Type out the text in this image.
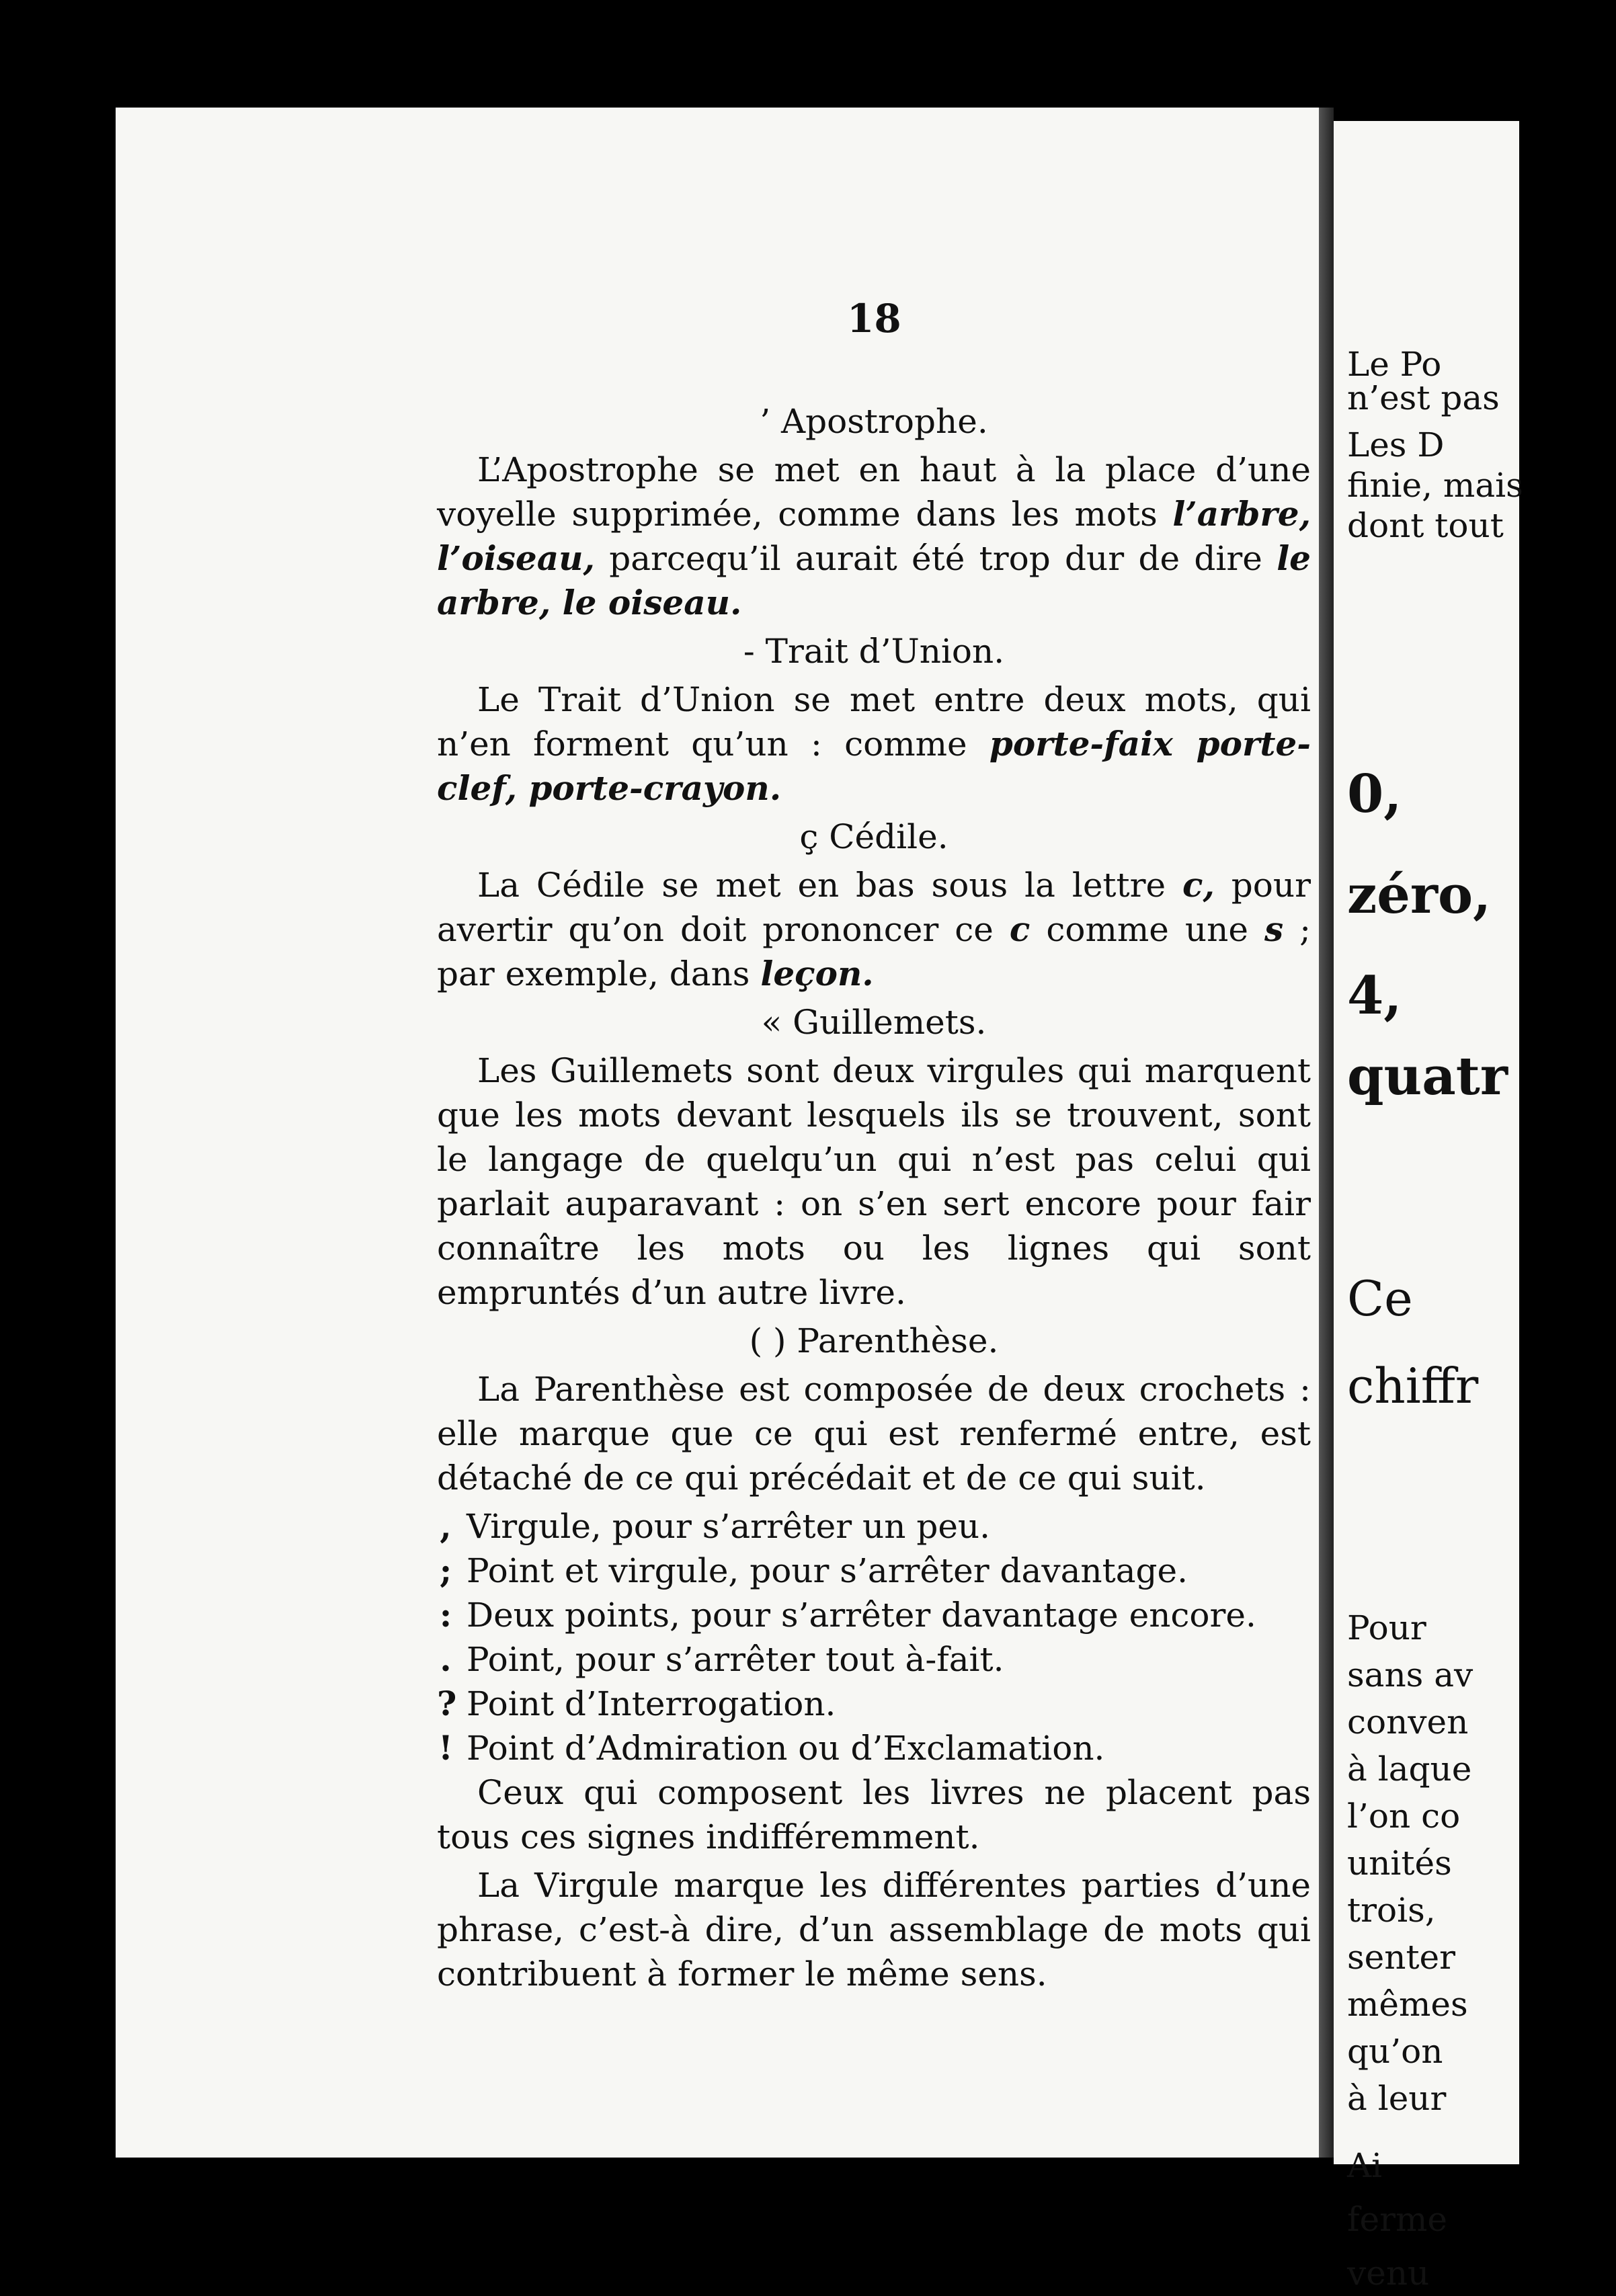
Le Po
n’est pas
Les D
finie, mais
dont tout
0,
zéro,
4,
quatr
Ce
chiffr
Pour
sans av
conven
à laque
l’on co
unités
trois,
senter
mêmes
qu’on
à leur
Ai
ferme
venu
18
’ Apostrophe.

L’Apostrophe se met en haut à la place d’une voyelle supprimée, comme dans les mots l’arbre, l’oiseau, parcequ’il aurait été trop dur de dire le arbre, le oiseau.

- Trait d’Union.

Le Trait d’Union se met entre deux mots, qui n’en forment qu’un : comme porte-faix porte-clef, porte-crayon.

ç Cédile.

La Cédile se met en bas sous la lettre c, pour avertir qu’on doit prononcer ce c comme une s ; par exemple, dans leçon.

« Guillemets.

Les Guillemets sont deux virgules qui marquent que les mots devant lesquels ils se trouvent, sont le langage de quelqu’un qui n’est pas celui qui parlait auparavant : on s’en sert encore pour fair connaître les mots ou les lignes qui sont empruntés d’un autre livre.

( ) Parenthèse.

La Parenthèse est composée de deux crochets : elle marque que ce qui est renfermé entre, est détaché de ce qui précédait et de ce qui suit.

, Virgule, pour s’arrêter un peu.
; Point et virgule, pour s’arrêter davantage.
: Deux points, pour s’arrêter davantage encore.
. Point, pour s’arrêter tout à-fait.
? Point d’Interrogation.
! Point d’Admiration ou d’Exclamation.

Ceux qui composent les livres ne placent pas tous ces signes indifféremment.

La Virgule marque les différentes parties d’une phrase, c’est-à dire, d’un assemblage de mots qui contribuent à former le même sens.
